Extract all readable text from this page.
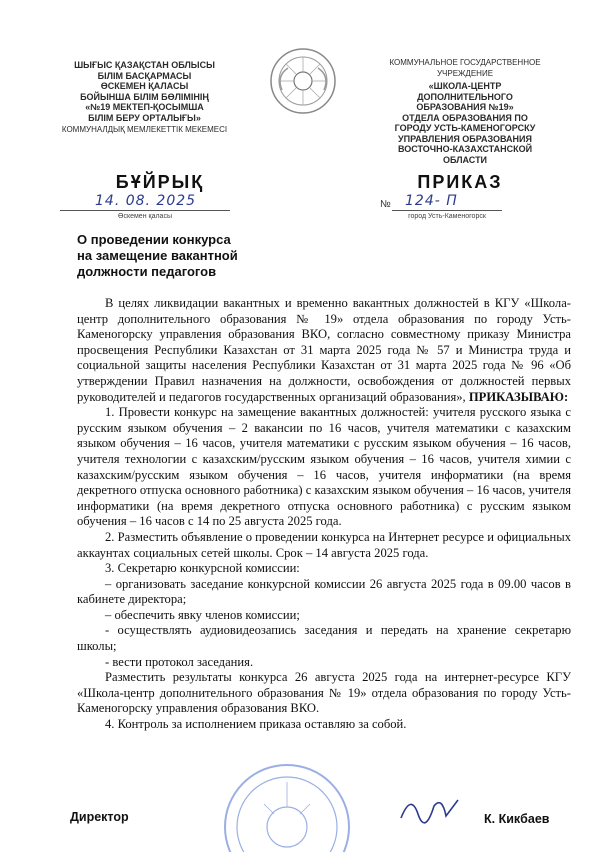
ШЫҒЫС ҚАЗАҚСТАН ОБЛЫСЫ
БІЛІМ БАСҚАРМАСЫ
ӨСКЕМЕН ҚАЛАСЫ
БОЙЫНША БІЛІМ БӨЛІМІНІҢ
«№19 МЕКТЕП-ҚОСЫМША
БІЛІМ БЕРУ ОРТАЛЫҒЫ»
КОММУНАЛДЫҚ МЕМЛЕКЕТТІК МЕКЕМЕСІ
КОММУНАЛЬНОЕ ГОСУДАРСТВЕННОЕ УЧРЕЖДЕНИЕ
«ШКОЛА-ЦЕНТР
ДОПОЛНИТЕЛЬНОГО
ОБРАЗОВАНИЯ №19»
ОТДЕЛА ОБРАЗОВАНИЯ ПО
ГОРОДУ УСТЬ-КАМЕНОГОРСКУ
УПРАВЛЕНИЯ ОБРАЗОВАНИЯ
ВОСТОЧНО-КАЗАХСТАНСКОЙ
ОБЛАСТИ
БҰЙРЫҚ	ПРИКАЗ
14. 08. 2025
Өскемен қаласы
№ 124- П
город Усть-Каменогорск
О проведении конкурса
на замещение вакантной
должности педагогов

В целях ликвидации вакантных и временно вакантных должностей в КГУ «Школа-центр дополнительного образования № 19» отдела образования по городу Усть-Каменогорску управления образования ВКО, согласно совместному приказу Министра просвещения Республики Казахстан от 31 марта 2025 года № 57 и Министра труда и социальной защиты населения Республики Казахстан от 31 марта 2025 года № 96 «Об утверждении Правил назначения на должности, освобождения от должностей первых руководителей и педагогов государственных организаций образования», ПРИКАЗЫВАЮ:

1. Провести конкурс на замещение вакантных должностей: учителя русского языка с русским языком обучения – 2 вакансии по 16 часов, учителя математики с казахским языком обучения – 16 часов, учителя математики с русским языком обучения – 16 часов, учителя технологии с казахским/русским языком обучения – 16 часов, учителя химии с казахским/русским языком обучения – 16 часов, учителя информатики (на время декретного отпуска основного работника) с казахским языком обучения – 16 часов, учителя информатики (на время декретного отпуска основного работника) с русским языком обучения – 16 часов с 14 по 25 августа 2025 года.

2. Разместить объявление о проведении конкурса на Интернет ресурсе и официальных аккаунтах социальных сетей школы. Срок – 14 августа 2025 года.

3. Секретарю конкурсной комиссии:

– организовать заседание конкурсной комиссии 26 августа 2025 года в 09.00 часов в кабинете директора;

– обеспечить явку членов комиссии;

- осуществлять аудиовидеозапись заседания и передать на хранение секретарю школы;

- вести протокол заседания.

Разместить результаты конкурса 26 августа 2025 года на интернет-ресурсе КГУ «Школа-центр дополнительного образования № 19» отдела образования по городу Усть-Каменогорску управления образования ВКО.

4. Контроль за исполнением приказа оставляю за собой.

Директор	К. Кикбаев
